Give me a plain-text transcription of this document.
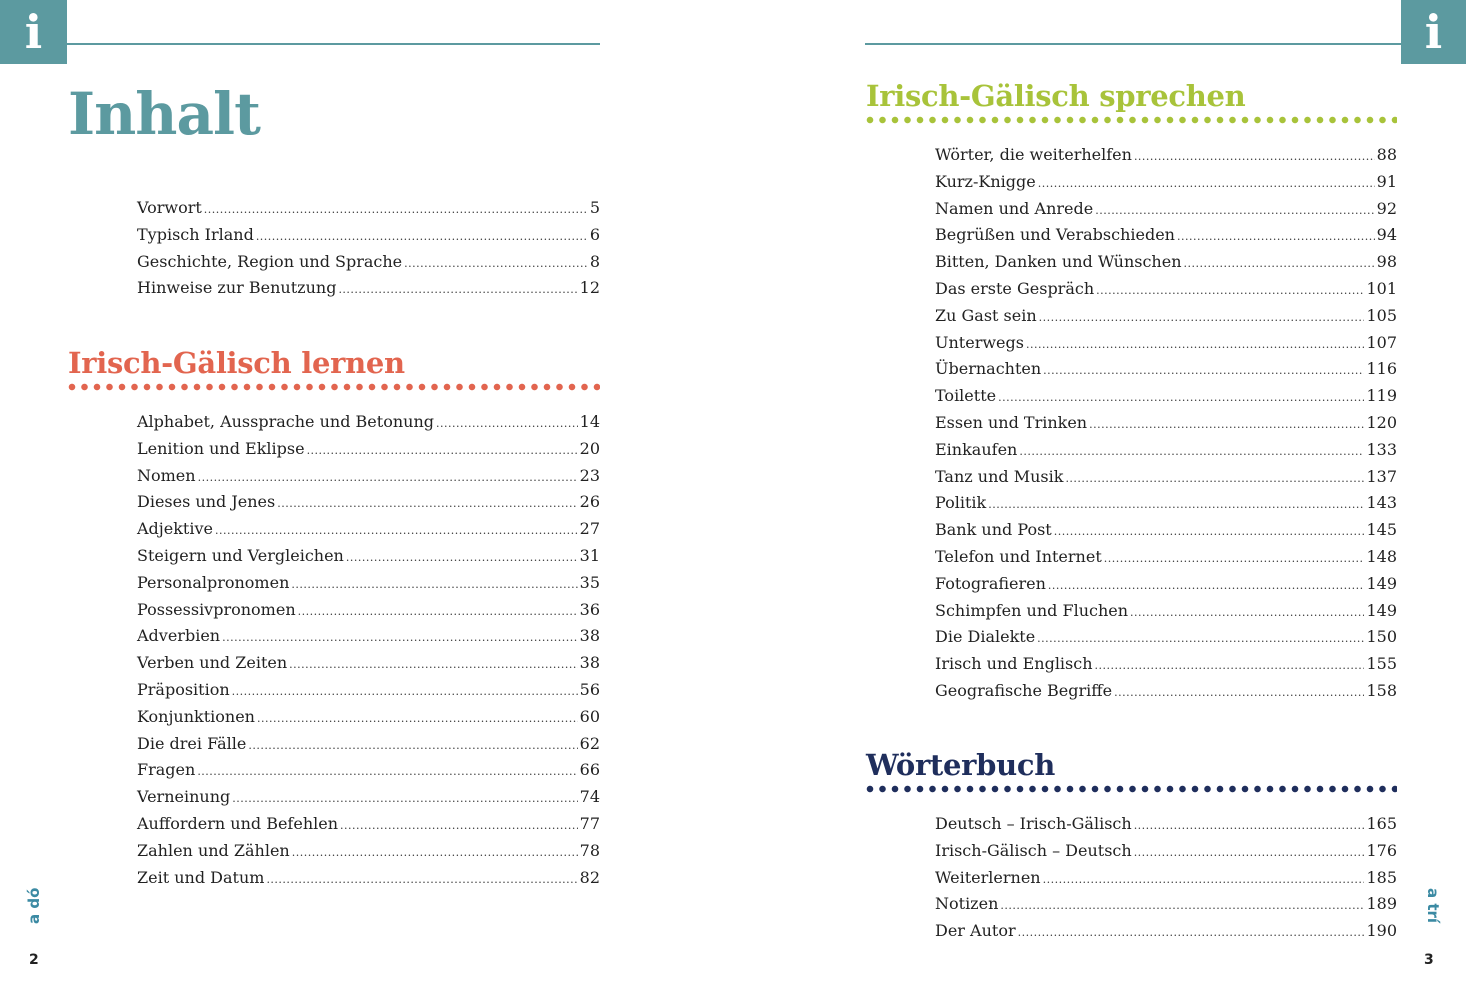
i
Inhalt
Vorwort .....	5
Typisch Irland .....	6
Geschichte, Region und Sprache .....	8
Hinweise zur Benutzung .....	12
Irisch-Gälisch lernen
Alphabet, Aussprache und Betonung .....	14
Lenition und Eklipse .....	20
Nomen .....	23
Dieses und Jenes .....	26
Adjektive .....	27
Steigern und Vergleichen .....	31
Personalpronomen .....	35
Possessivpronomen .....	36
Adverbien .....	38
Verben und Zeiten .....	38
Präposition .....	56
Konjunktionen .....	60
Die drei Fälle .....	62
Fragen .....	66
Verneinung .....	74
Auffordern und Befehlen .....	77
Zahlen und Zählen .....	78
Zeit und Datum .....	82
a dó
2
i
Irisch-Gälisch sprechen
Wörter, die weiterhelfen .....	88
Kurz-Knigge .....	91
Namen und Anrede .....	92
Begrüßen und Verabschieden .....	94
Bitten, Danken und Wünschen .....	98
Das erste Gespräch .....	101
Zu Gast sein .....	105
Unterwegs .....	107
Übernachten .....	116
Toilette .....	119
Essen und Trinken .....	120
Einkaufen .....	133
Tanz und Musik .....	137
Politik .....	143
Bank und Post .....	145
Telefon und Internet .....	148
Fotografieren .....	149
Schimpfen und Fluchen .....	149
Die Dialekte .....	150
Irisch und Englisch .....	155
Geografische Begriffe .....	158
Wörterbuch
Deutsch – Irisch-Gälisch .....	165
Irisch-Gälisch – Deutsch .....	176
Weiterlernen .....	185
Notizen .....	189
Der Autor .....	190
a trí
3
